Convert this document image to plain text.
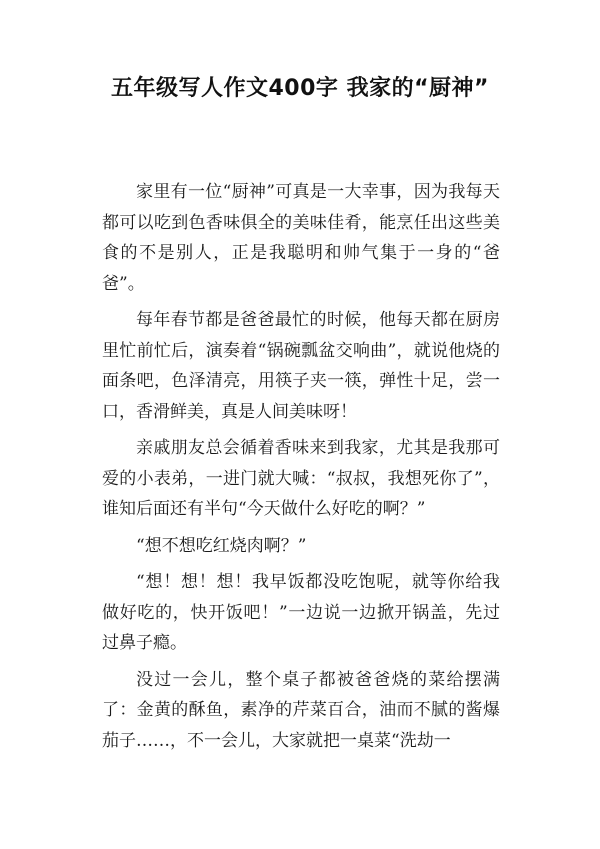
五年级写人作文400字 我家的“厨神”

家里有一位“厨神”可真是一大幸事，因为我每天都可以吃到色香味俱全的美味佳肴，能烹任出这些美食的不是别人，正是我聪明和帅气集于一身的“爸爸”。

每年春节都是爸爸最忙的时候，他每天都在厨房里忙前忙后，演奏着“锅碗瓢盆交响曲”，就说他烧的面条吧，色泽清亮，用筷子夹一筷，弹性十足，尝一口，香滑鲜美，真是人间美味呀！

亲戚朋友总会循着香味来到我家，尤其是我那可爱的小表弟，一进门就大喊：“叔叔，我想死你了”，谁知后面还有半句“今天做什么好吃的啊？”

“想不想吃红烧肉啊？”

“想！想！想！我早饭都没吃饱呢，就等你给我做好吃的，快开饭吧！”一边说一边掀开锅盖，先过过鼻子瘾。

没过一会儿，整个桌子都被爸爸烧的菜给摆满了：金黄的酥鱼，素净的芹菜百合，油而不腻的酱爆茄子……，不一会儿，大家就把一桌菜“洗劫一
